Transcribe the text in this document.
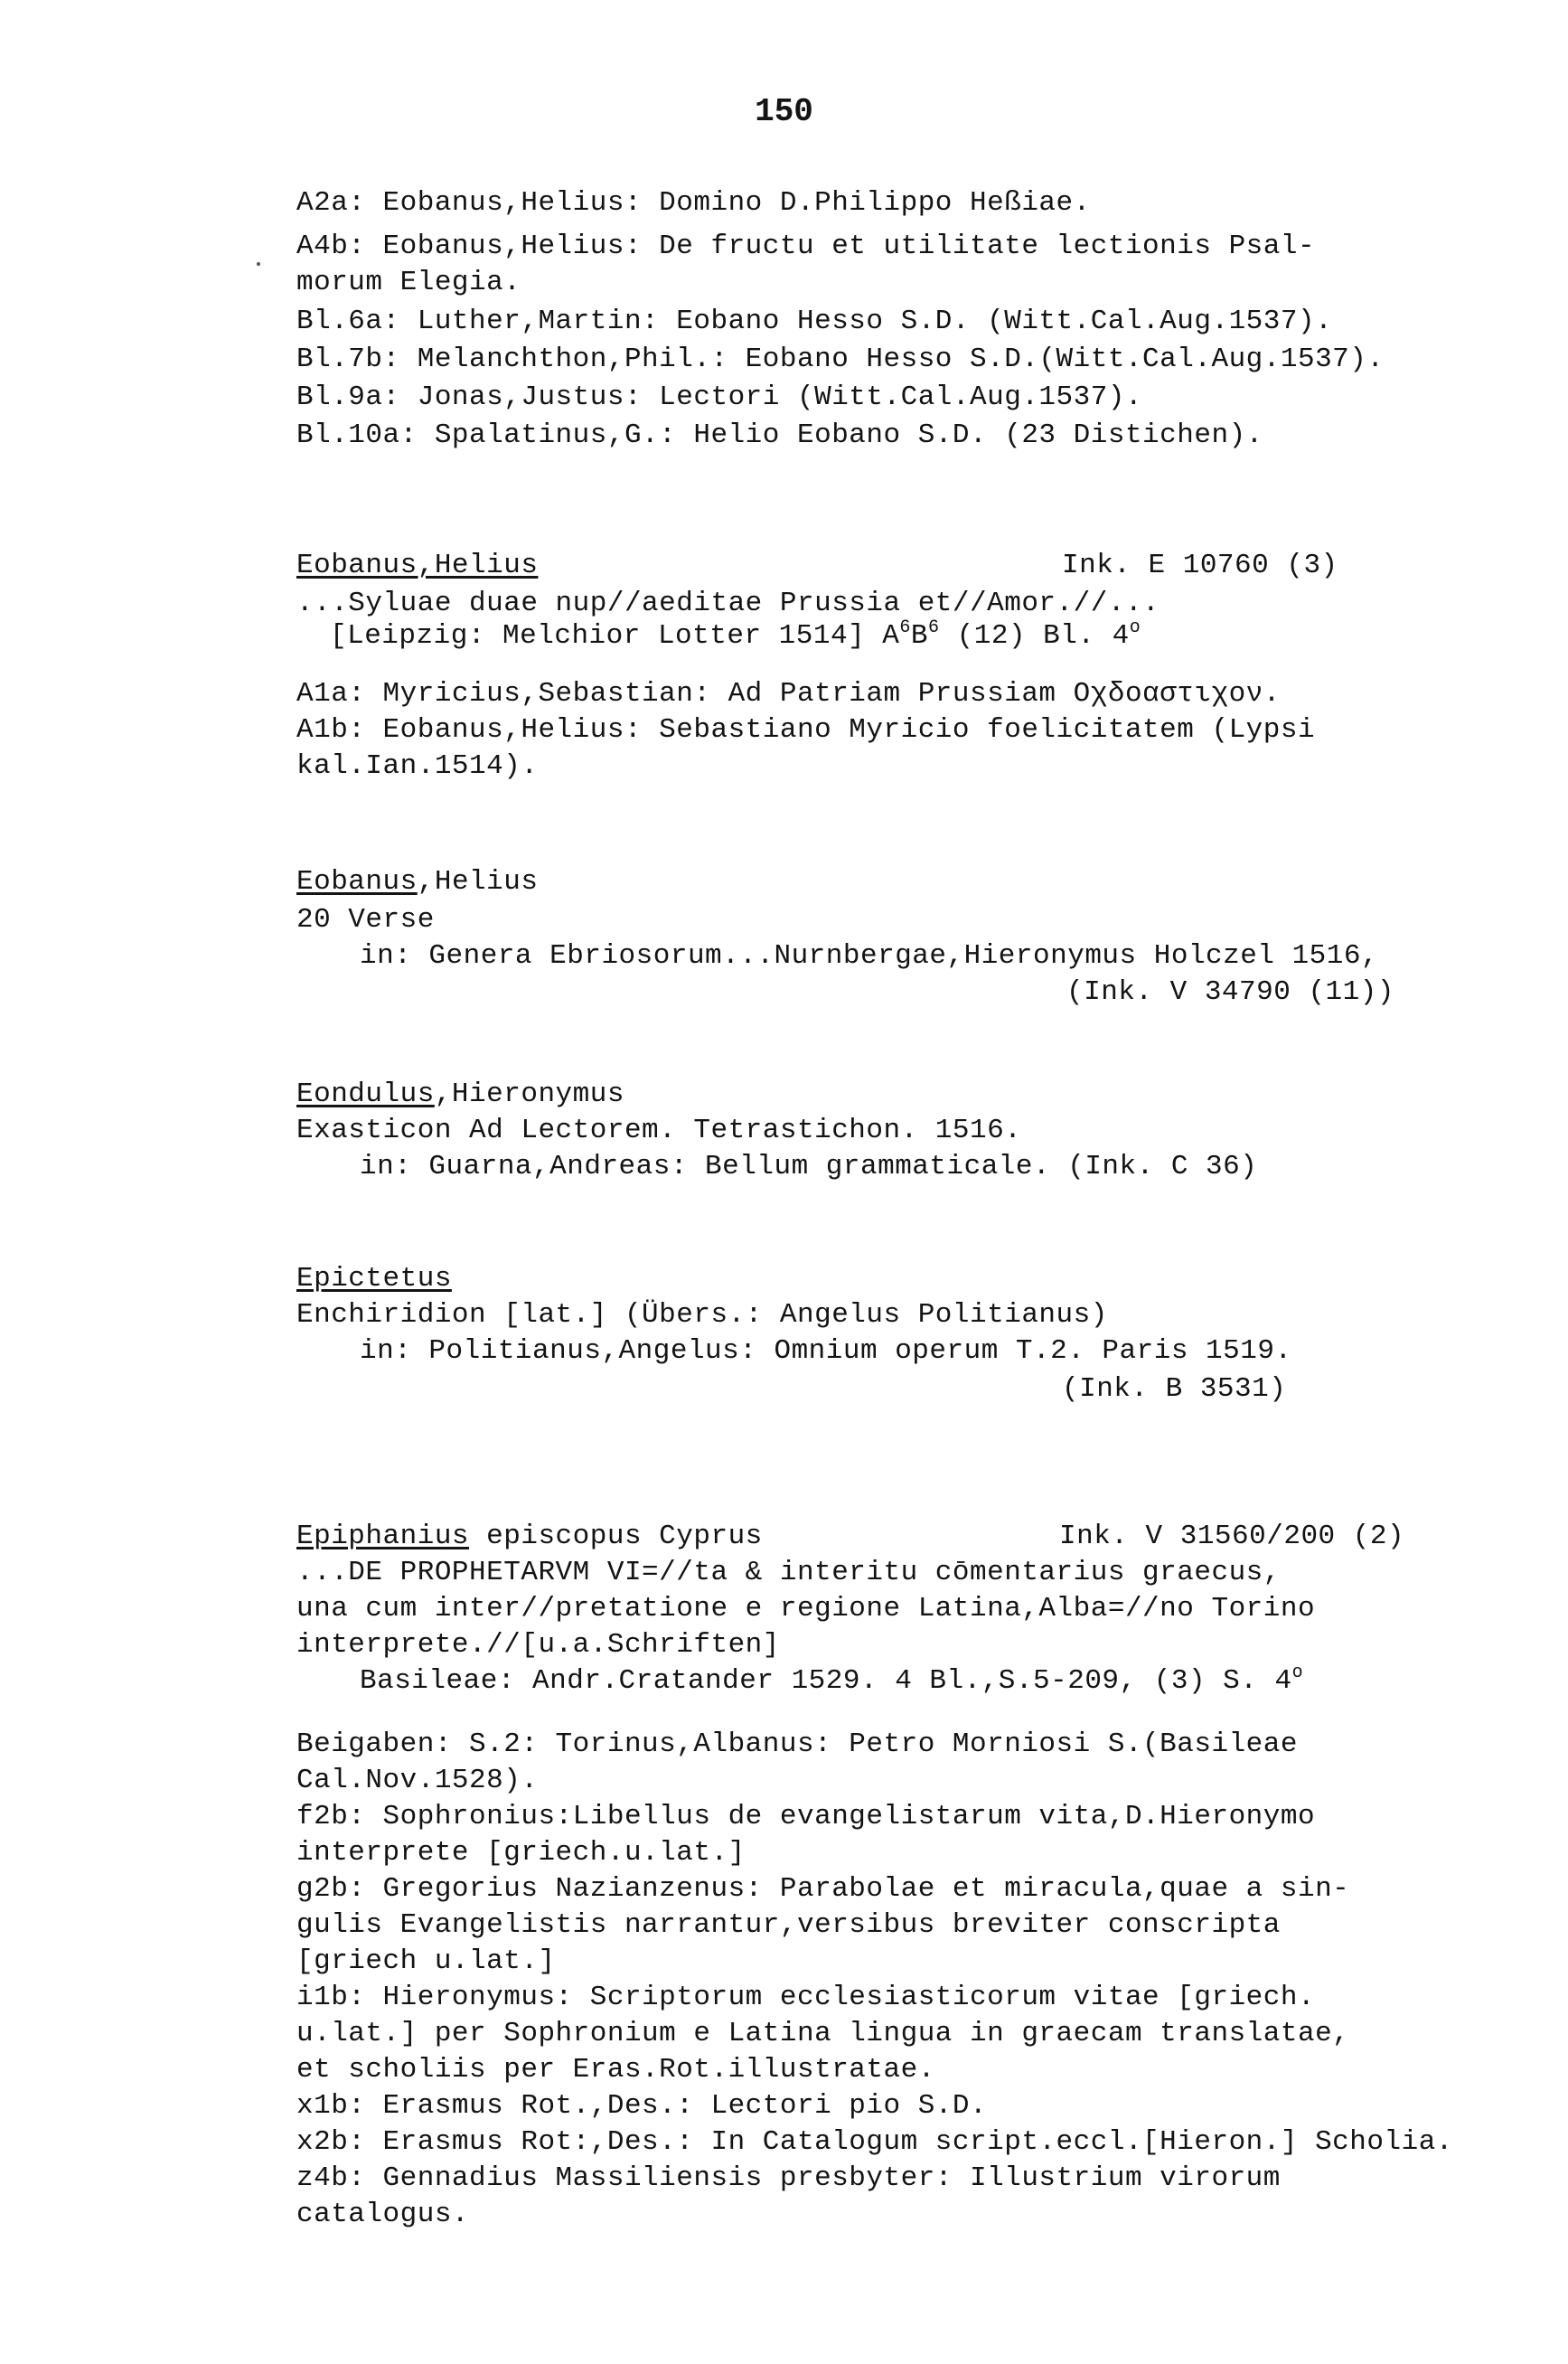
150
A2a: Eobanus,Helius: Domino D.Philippo Heßiae.
A4b: Eobanus,Helius: De fructu et utilitate lectionis Psal-
morum Elegia.
Bl.6a: Luther,Martin: Eobano Hesso S.D. (Witt.Cal.Aug.1537).
Bl.7b: Melanchthon,Phil.: Eobano Hesso S.D.(Witt.Cal.Aug.1537).
Bl.9a: Jonas,Justus: Lectori (Witt.Cal.Aug.1537).
Bl.10a: Spalatinus,G.: Helio Eobano S.D. (23 Distichen).
Eobanus,Helius	Ink. E 10760 (3)
...Syluae duae nup//aeditae Prussia et//Amor.//...
[Leipzig: Melchior Lotter 1514] $A^6B^6$ (12) Bl. 4$^o$
A1a: Myricius,Sebastian: Ad Patriam Prussiam Οχδοαστιχον.
A1b: Eobanus,Helius: Sebastiano Myricio foelicitatem (Lypsi
kal.Ian.1514).
Eobanus,Helius
20 Verse
in: Genera Ebriosorum...Nurnbergae,Hieronymus Holczel 1516,
(Ink. V 34790 (11))
Eondulus,Hieronymus
Exasticon Ad Lectorem. Tetrastichon. 1516.
in: Guarna,Andreas: Bellum grammaticale. (Ink. C 36)
Epictetus
Enchiridion [lat.] (Übers.: Angelus Politianus)
in: Politianus,Angelus: Omnium operum T.2. Paris 1519.
(Ink. B 3531)
Epiphanius episcopus Cyprus	Ink. V 31560/200 (2)
...DE PROPHETARVM VI=//ta & interitu cōmentarius graecus,
una cum inter//pretatione e regione Latina,Alba=//no Torino
interprete.//[u.a.Schriften]
Basileae: Andr.Cratander 1529. 4 Bl.,S.5-209, (3) S. 4$^o$
Beigaben: S.2: Torinus,Albanus: Petro Morniosi S.(Basileae
Cal.Nov.1528).
f2b: Sophronius:Libellus de evangelistarum vita,D.Hieronymo
interprete [griech.u.lat.]
g2b: Gregorius Nazianzenus: Parabolae et miracula,quae a sin-
gulis Evangelistis narrantur,versibus breviter conscripta
[griech u.lat.]
i1b: Hieronymus: Scriptorum ecclesiasticorum vitae [griech.
u.lat.] per Sophronium e Latina lingua in graecam translatae,
et scholiis per Eras.Rot.illustratae.
x1b: Erasmus Rot.,Des.: Lectori pio S.D.
x2b: Erasmus Rot:,Des.: In Catalogum script.eccl.[Hieron.] Scholia.
z4b: Gennadius Massiliensis presbyter: Illustrium virorum
catalogus.
